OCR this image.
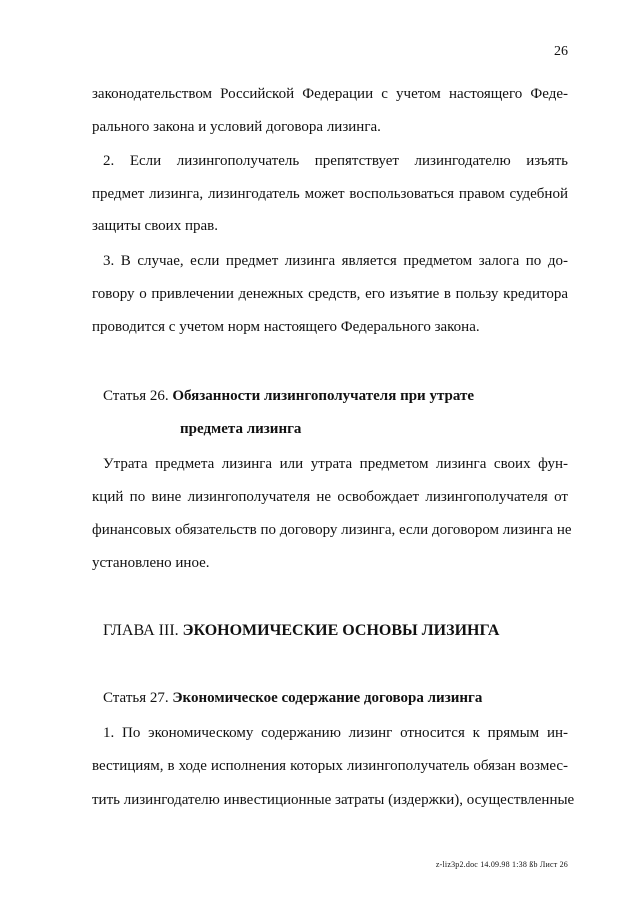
26
законодательством Российской Федерации с учетом настоящего Феде-
рального закона и условий договора лизинга.
2. Если лизингополучатель препятствует лизингодателю изъять
предмет лизинга, лизингодатель может воспользоваться правом судебной
защиты своих прав.
3. В случае, если предмет лизинга является предметом залога по до-
говору о привлечении денежных средств, его изъятие в пользу кредитора
проводится с учетом норм настоящего Федерального закона.
Статья 26. Обязанности лизингополучателя при утрате
предмета лизинга
Утрата предмета лизинга или утрата предметом лизинга своих фун-
кций по вине лизингополучателя не освобождает лизингополучателя от
финансовых обязательств по договору лизинга, если договором лизинга не
установлено иное.
ГЛАВА III. ЭКОНОМИЧЕСКИЕ ОСНОВЫ ЛИЗИНГА
Статья 27. Экономическое содержание договора лизинга
1. По экономическому содержанию лизинг относится к прямым ин-
вестициям, в ходе исполнения которых лизингополучатель обязан возмес-
тить лизингодателю инвестиционные затраты (издержки), осуществленные
z-liz3p2.doc 14.09.98 1:38 ßb Лист 26
